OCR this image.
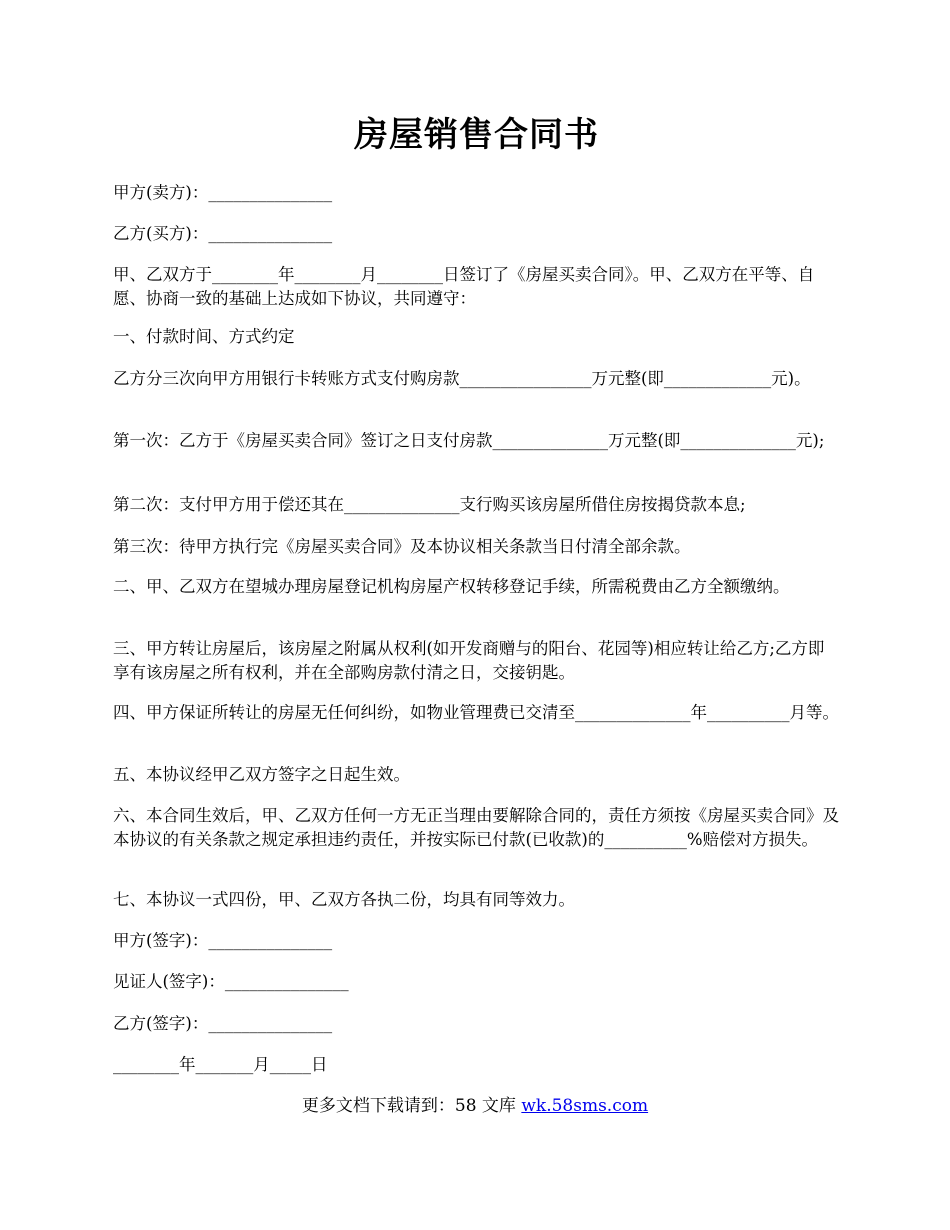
房屋销售合同书

甲方(卖方)：_______________

乙方(买方)：_______________

甲、乙双方于________年________月________日签订了《房屋买卖合同》。甲、乙双方在平等、自愿、协商一致的基础上达成如下协议，共同遵守：

一、付款时间、方式约定

乙方分三次向甲方用银行卡转账方式支付购房款________________万元整(即_____________元)。

第一次：乙方于《房屋买卖合同》签订之日支付房款______________万元整(即______________元);

第二次：支付甲方用于偿还其在______________支行购买该房屋所借住房按揭贷款本息;

第三次：待甲方执行完《房屋买卖合同》及本协议相关条款当日付清全部余款。

二、甲、乙双方在望城办理房屋登记机构房屋产权转移登记手续，所需税费由乙方全额缴纳。

三、甲方转让房屋后，该房屋之附属从权利(如开发商赠与的阳台、花园等)相应转让给乙方;乙方即享有该房屋之所有权利，并在全部购房款付清之日，交接钥匙。

四、甲方保证所转让的房屋无任何纠纷，如物业管理费已交清至______________年__________月等。

五、本协议经甲乙双方签字之日起生效。

六、本合同生效后，甲、乙双方任何一方无正当理由要解除合同的，责任方须按《房屋买卖合同》及本协议的有关条款之规定承担违约责任，并按实际已付款(已收款)的__________%赔偿对方损失。

七、本协议一式四份，甲、乙双方各执二份，均具有同等效力。

甲方(签字)：_______________

见证人(签字)：_______________

乙方(签字)：_______________

________年_______月_____日

更多文档下载请到：58 文库 wk.58sms.com
